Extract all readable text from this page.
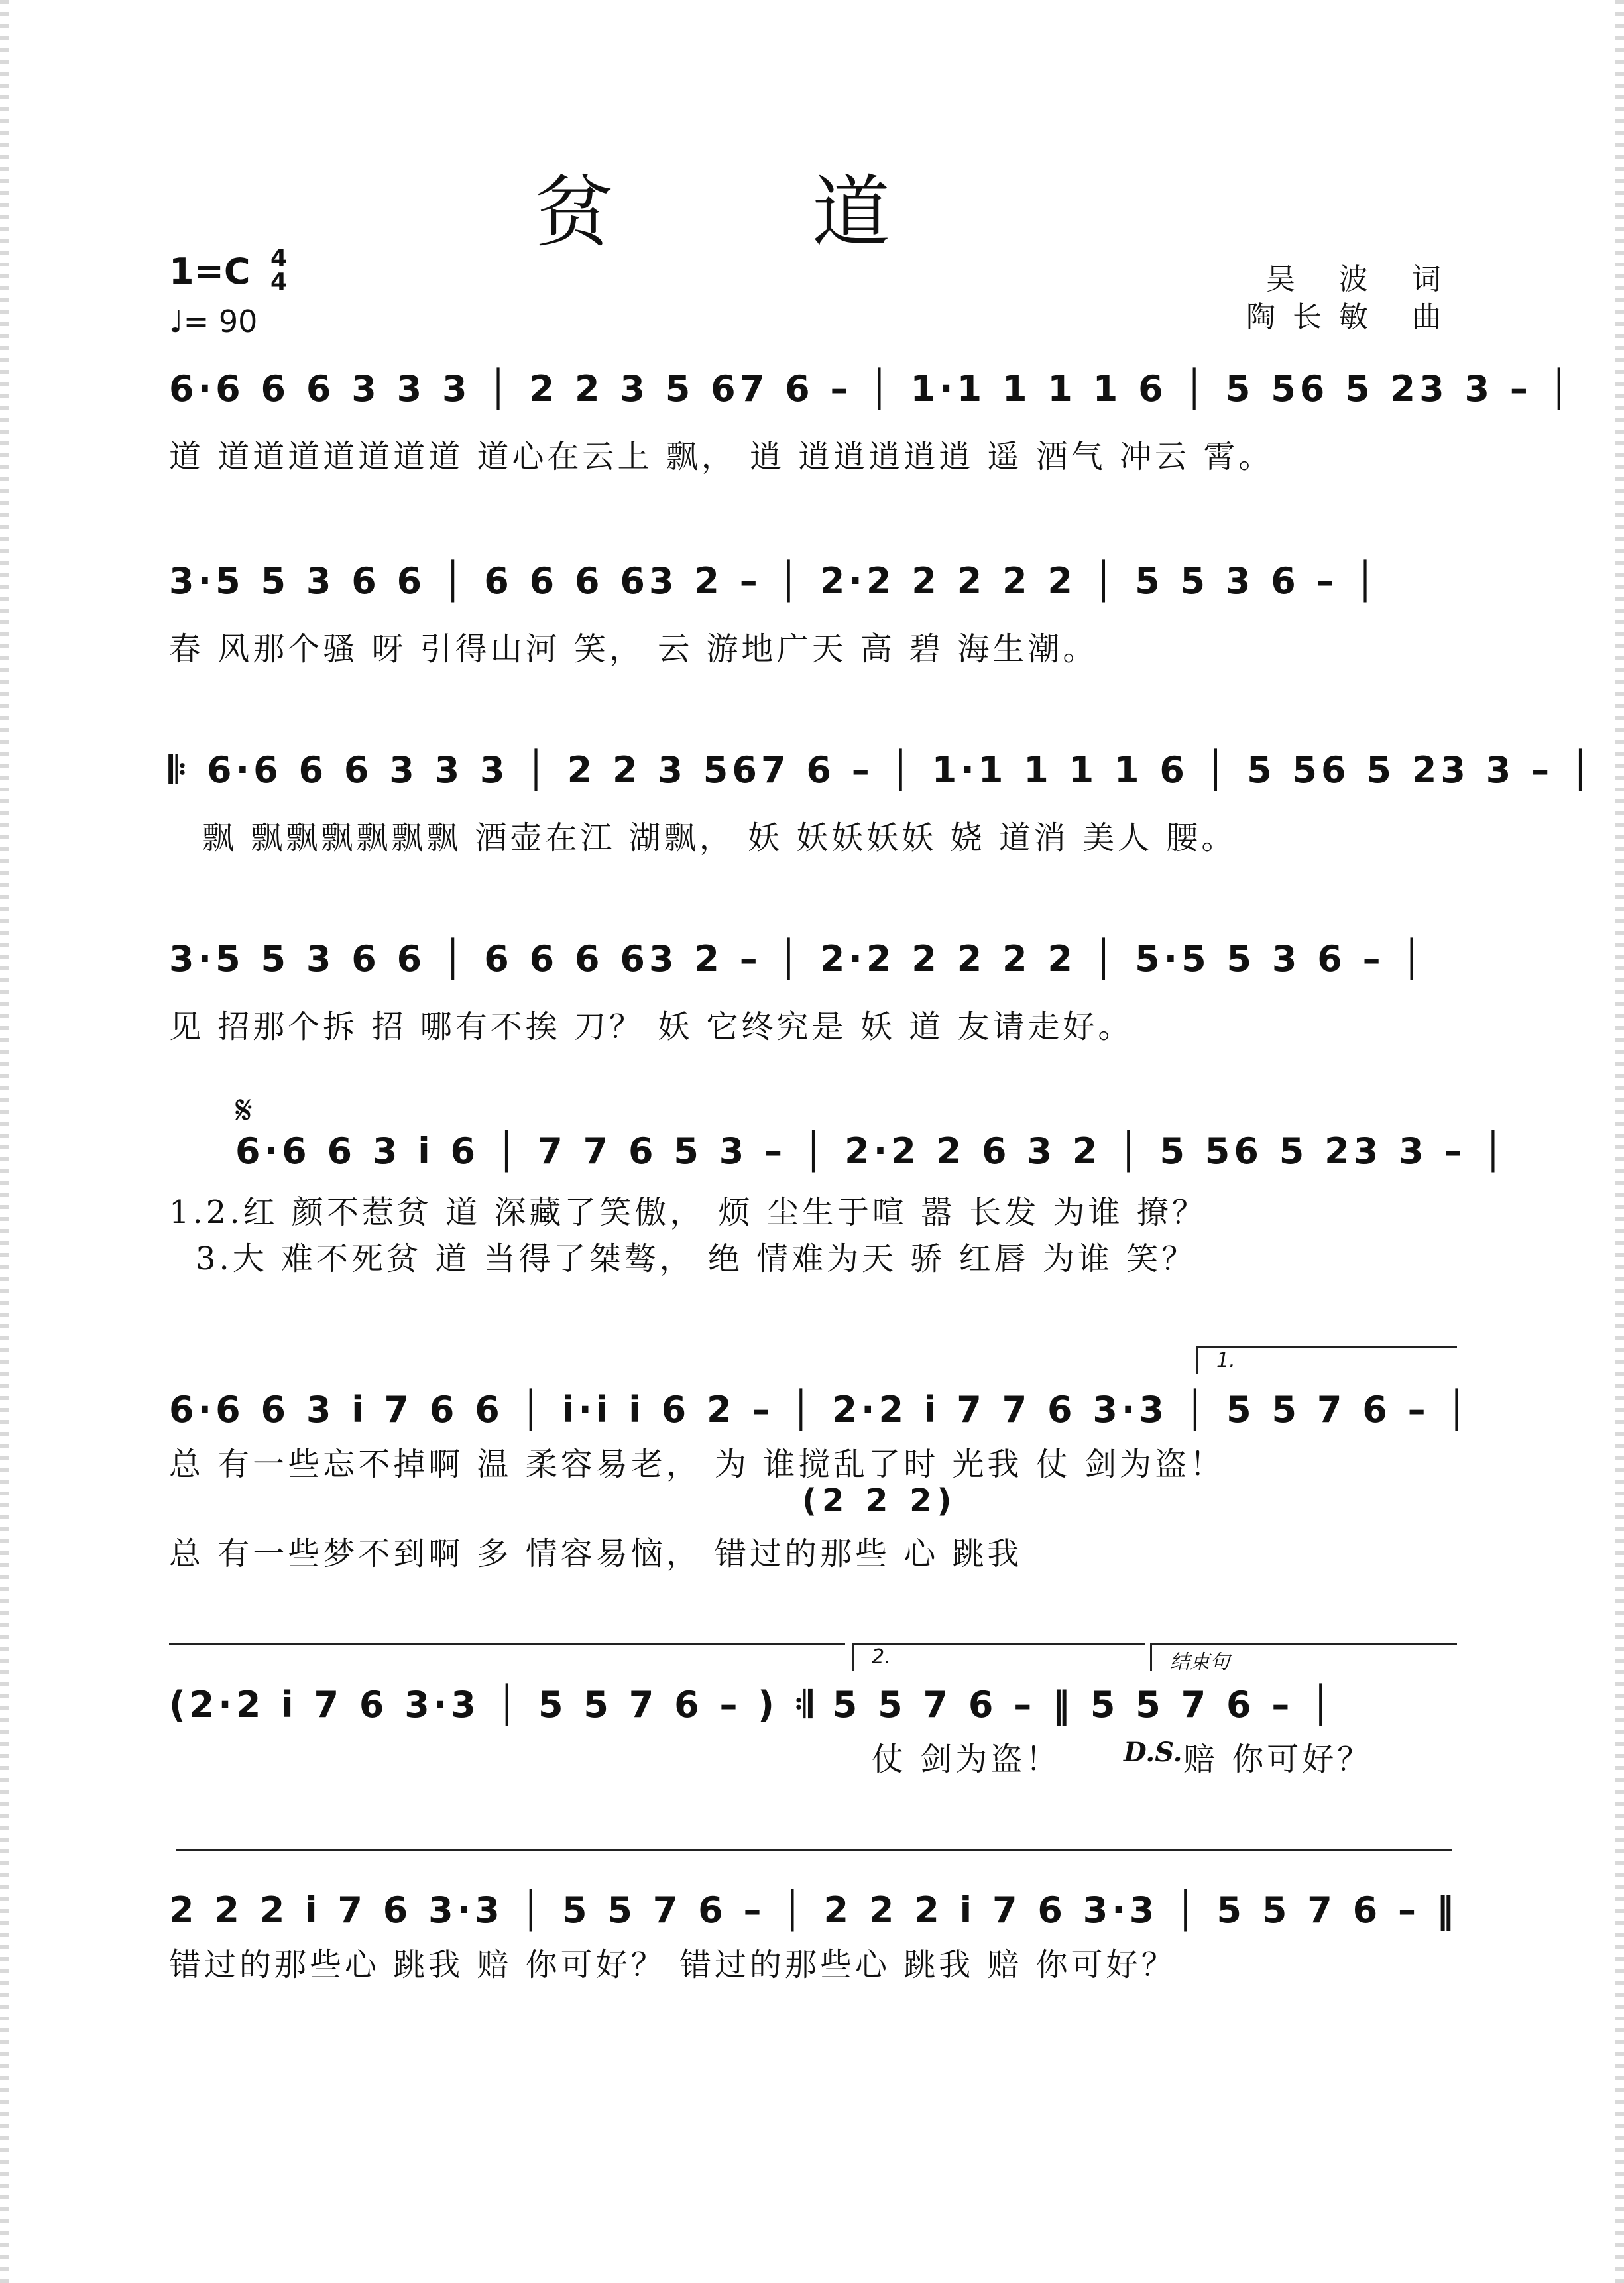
贫道
1=C 4
4
♩= 90
吴 波 词
陶长敏 曲
6·6 6 6 3 3 3 │ 2 2 3 5 67 6 – │ 1·1 1 1 1 6 │ 5 56 5 23 3 – │
道 道道道道道道道 道心在云上 飘， 逍 逍逍逍逍逍 遥 酒气 冲云 霄。
3·5 5 3 6 6 │ 6 6 6 63 2 – │ 2·2 2 2 2 2 │ 5 5 3 6 – │
春 风那个骚 呀 引得山河 笑， 云 游地广天 高 碧 海生潮。
𝄆 6·6 6 6 3 3 3 │ 2 2 3 567 6 – │ 1·1 1 1 1 6 │ 5 56 5 23 3 – │
飘 飘飘飘飘飘飘 酒壶在江 湖飘， 妖 妖妖妖妖 娆 道消 美人 腰。
3·5 5 3 6 6 │ 6 6 6 63 2 – │ 2·2 2 2 2 2 │ 5·5 5 3 6 – │
见 招那个拆 招 哪有不挨 刀？ 妖 它终究是 妖 道 友请走好。
𝄋
6·6 6 3 i 6 │ 7 7 6 5 3 – │ 2·2 2 6 3 2 │ 5 56 5 23 3 – │
1.2.红 颜不惹贫 道 深藏了笑傲， 烦 尘生于喧 嚣 长发 为谁 撩？
3.大 难不死贫 道 当得了桀骜， 绝 情难为天 骄 红唇 为谁 笑？
1.
6·6 6 3 i 7 6 6 │ i·i i 6 2 – │ 2·2 i 7 7 6 3·3 │ 5 5 7 6 – │
总 有一些忘不掉啊 温 柔容易老， 为 谁搅乱了时 光我 仗 剑为盗！
(2 2 2)
总 有一些梦不到啊 多 情容易恼， 错过的那些 心 跳我
2.	结束句
(2·2 i 7 6 3·3 │ 5 5 7 6 – ) 𝄇 5 5 7 6 – ‖ 5 5 7 6 – │
仗 剑为盗！ D.S. 赔 你可好？
2 2 2 i 7 6 3·3 │ 5 5 7 6 – │ 2 2 2 i 7 6 3·3 │ 5 5 7 6 – ‖
错过的那些心 跳我 赔 你可好？ 错过的那些心 跳我 赔 你可好？
